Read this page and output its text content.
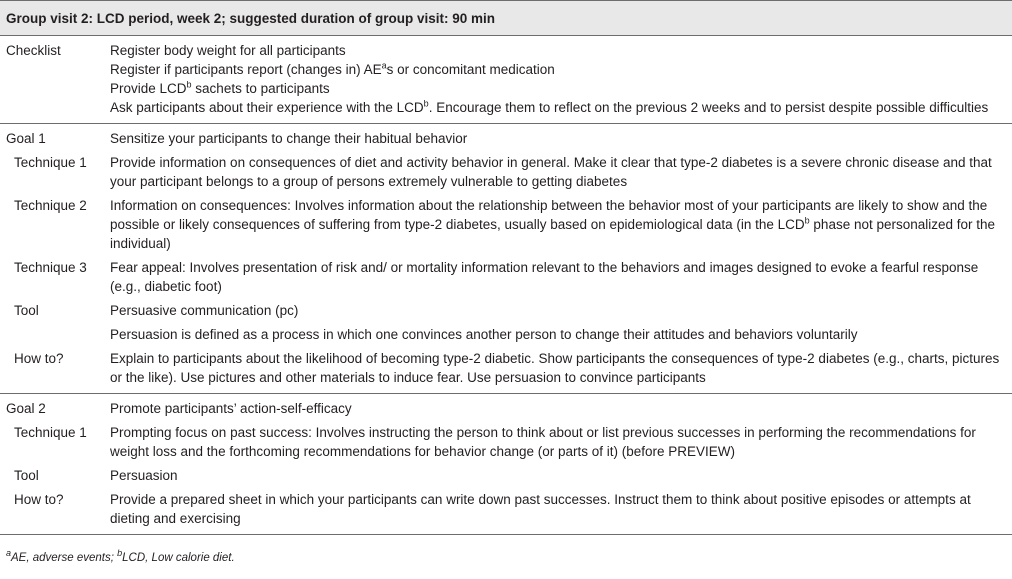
Group visit 2: LCD period, week 2; suggested duration of group visit: 90 min
Checklist	Register body weight for all participants
Register if participants report (changes in) $AE^as$ or concomitant medication
Provide LCD$^b$ sachets to participants
Ask participants about their experience with the LCD$^b$. Encourage them to reflect on the previous 2 weeks and to persist despite possible difficulties
Goal 1	Sensitize your participants to change their habitual behavior
Technique 1	Provide information on consequences of diet and activity behavior in general. Make it clear that type-2 diabetes is a severe chronic disease and that your participant belongs to a group of persons extremely vulnerable to getting diabetes
Technique 2	Information on consequences: Involves information about the relationship between the behavior most of your participants are likely to show and the possible or likely consequences of suffering from type-2 diabetes, usually based on epidemiological data (in the LCD$^b$ phase not personalized for the individual)
Technique 3	Fear appeal: Involves presentation of risk and/ or mortality information relevant to the behaviors and images designed to evoke a fearful response (e.g., diabetic foot)
Tool	Persuasive communication (pc)
Persuasion is defined as a process in which one convinces another person to change their attitudes and behaviors voluntarily
How to?	Explain to participants about the likelihood of becoming type-2 diabetic. Show participants the consequences of type-2 diabetes (e.g., charts, pictures or the like). Use pictures and other materials to induce fear. Use persuasion to convince participants
Goal 2	Promote participants’ action-self-efficacy
Technique 1	Prompting focus on past success: Involves instructing the person to think about or list previous successes in performing the recommendations for weight loss and the forthcoming recommendations for behavior change (or parts of it) (before PREVIEW)
Tool	Persuasion
How to?	Provide a prepared sheet in which your participants can write down past successes. Instruct them to think about positive episodes or attempts at dieting and exercising
$^a$AE, adverse events; $^b$LCD, Low calorie diet.
